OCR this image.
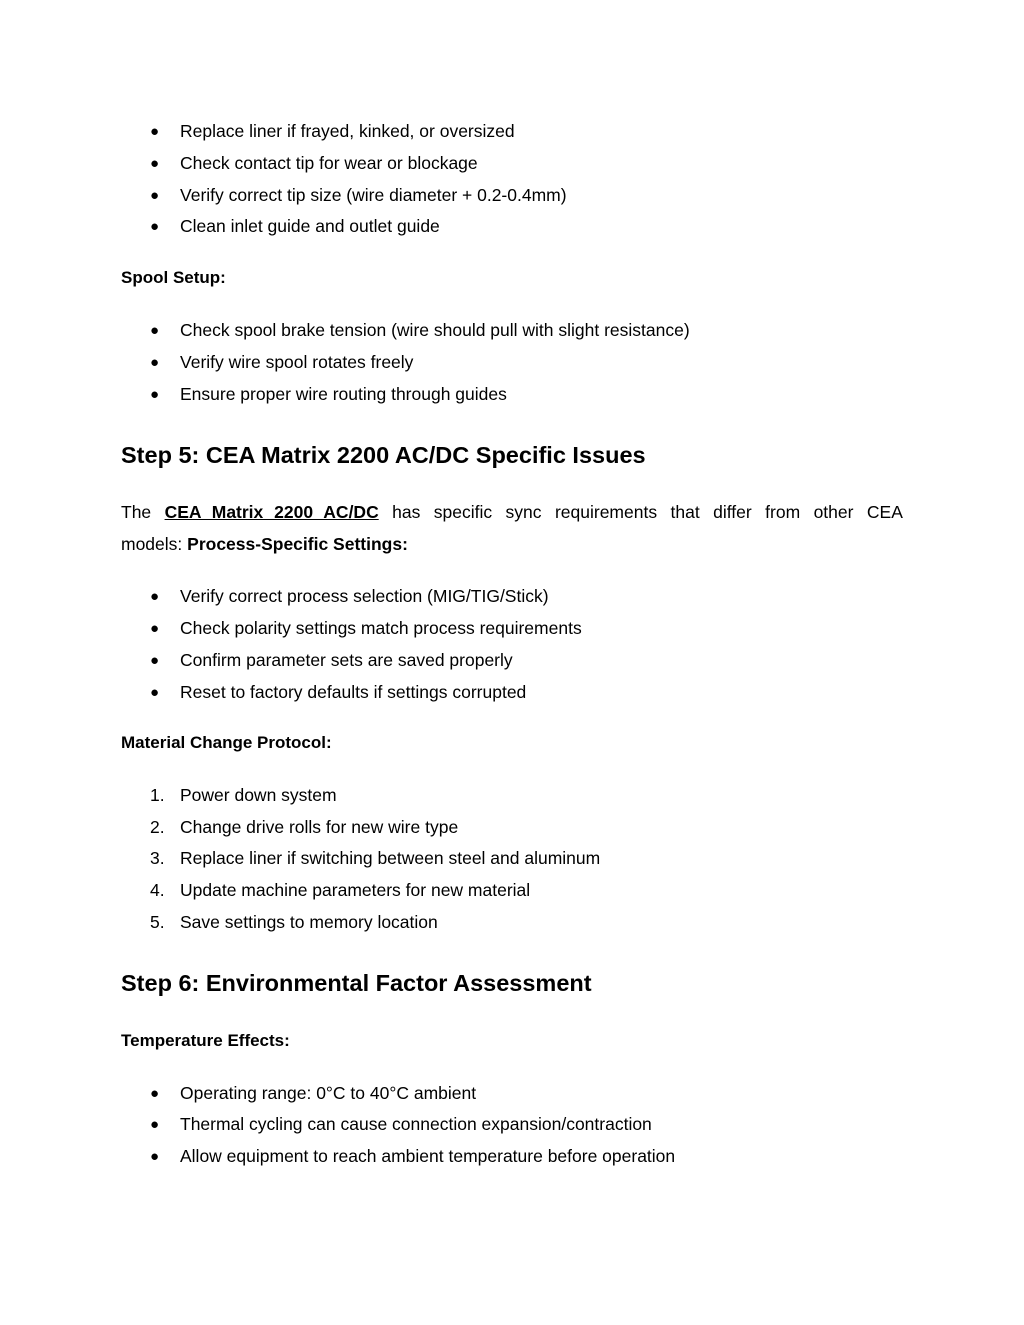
● Replace liner if frayed, kinked, or oversized
● Check contact tip for wear or blockage
● Verify correct tip size (wire diameter + 0.2-0.4mm)
● Clean inlet guide and outlet guide
Spool Setup:
● Check spool brake tension (wire should pull with slight resistance)
● Verify wire spool rotates freely
● Ensure proper wire routing through guides
Step 5: CEA Matrix 2200 AC/DC Specific Issues
The CEA Matrix 2200 AC/DC has specific sync requirements that differ from other CEA
models: Process-Specific Settings:
● Verify correct process selection (MIG/TIG/Stick)
● Check polarity settings match process requirements
● Confirm parameter sets are saved properly
● Reset to factory defaults if settings corrupted
Material Change Protocol:
1. Power down system
2. Change drive rolls for new wire type
3. Replace liner if switching between steel and aluminum
4. Update machine parameters for new material
5. Save settings to memory location
Step 6: Environmental Factor Assessment
Temperature Effects:
● Operating range: 0°C to 40°C ambient
● Thermal cycling can cause connection expansion/contraction
● Allow equipment to reach ambient temperature before operation
